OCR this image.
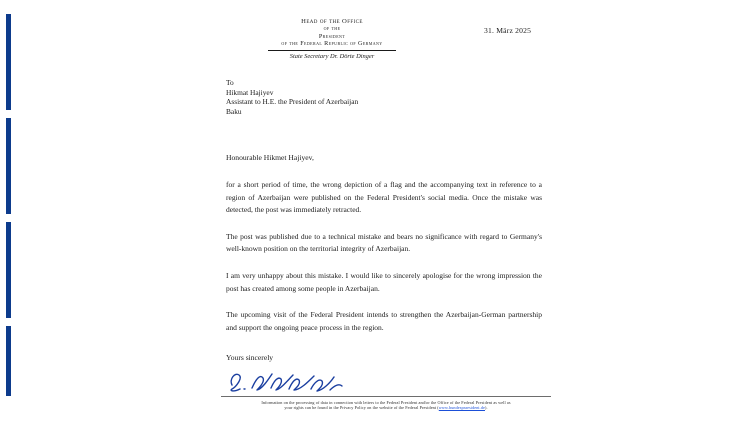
Head of the Office
of the
President
of the Federal Republic of Germany
State Secretary Dr. Dörte Dinger
31. März 2025
To
Hikmat Hajiyev
Assistant to H.E. the President of Azerbaijan
Baku
Honourable Hikmet Hajiyev,
for a short period of time, the wrong depiction of a flag and the accompanying text in reference to a region of Azerbaijan were published on the Federal President's social media. Once the mistake was detected, the post was immediately retracted.
The post was published due to a technical mistake and bears no significance with regard to Germany's well-known position on the territorial integrity of Azerbaijan.
I am very unhappy about this mistake. I would like to sincerely apologise for the wrong impression the post has created among some people in Azerbaijan.
The upcoming visit of the Federal President intends to strengthen the Azerbaijan-German partnership and support the ongoing peace process in the region.
Yours sincerely
Information on the processing of data in connection with letters to the Federal President and/or the Office of the Federal President as well as
your rights can be found in the Privacy Policy on the website of the Federal President (www.bundespraesident.de).
